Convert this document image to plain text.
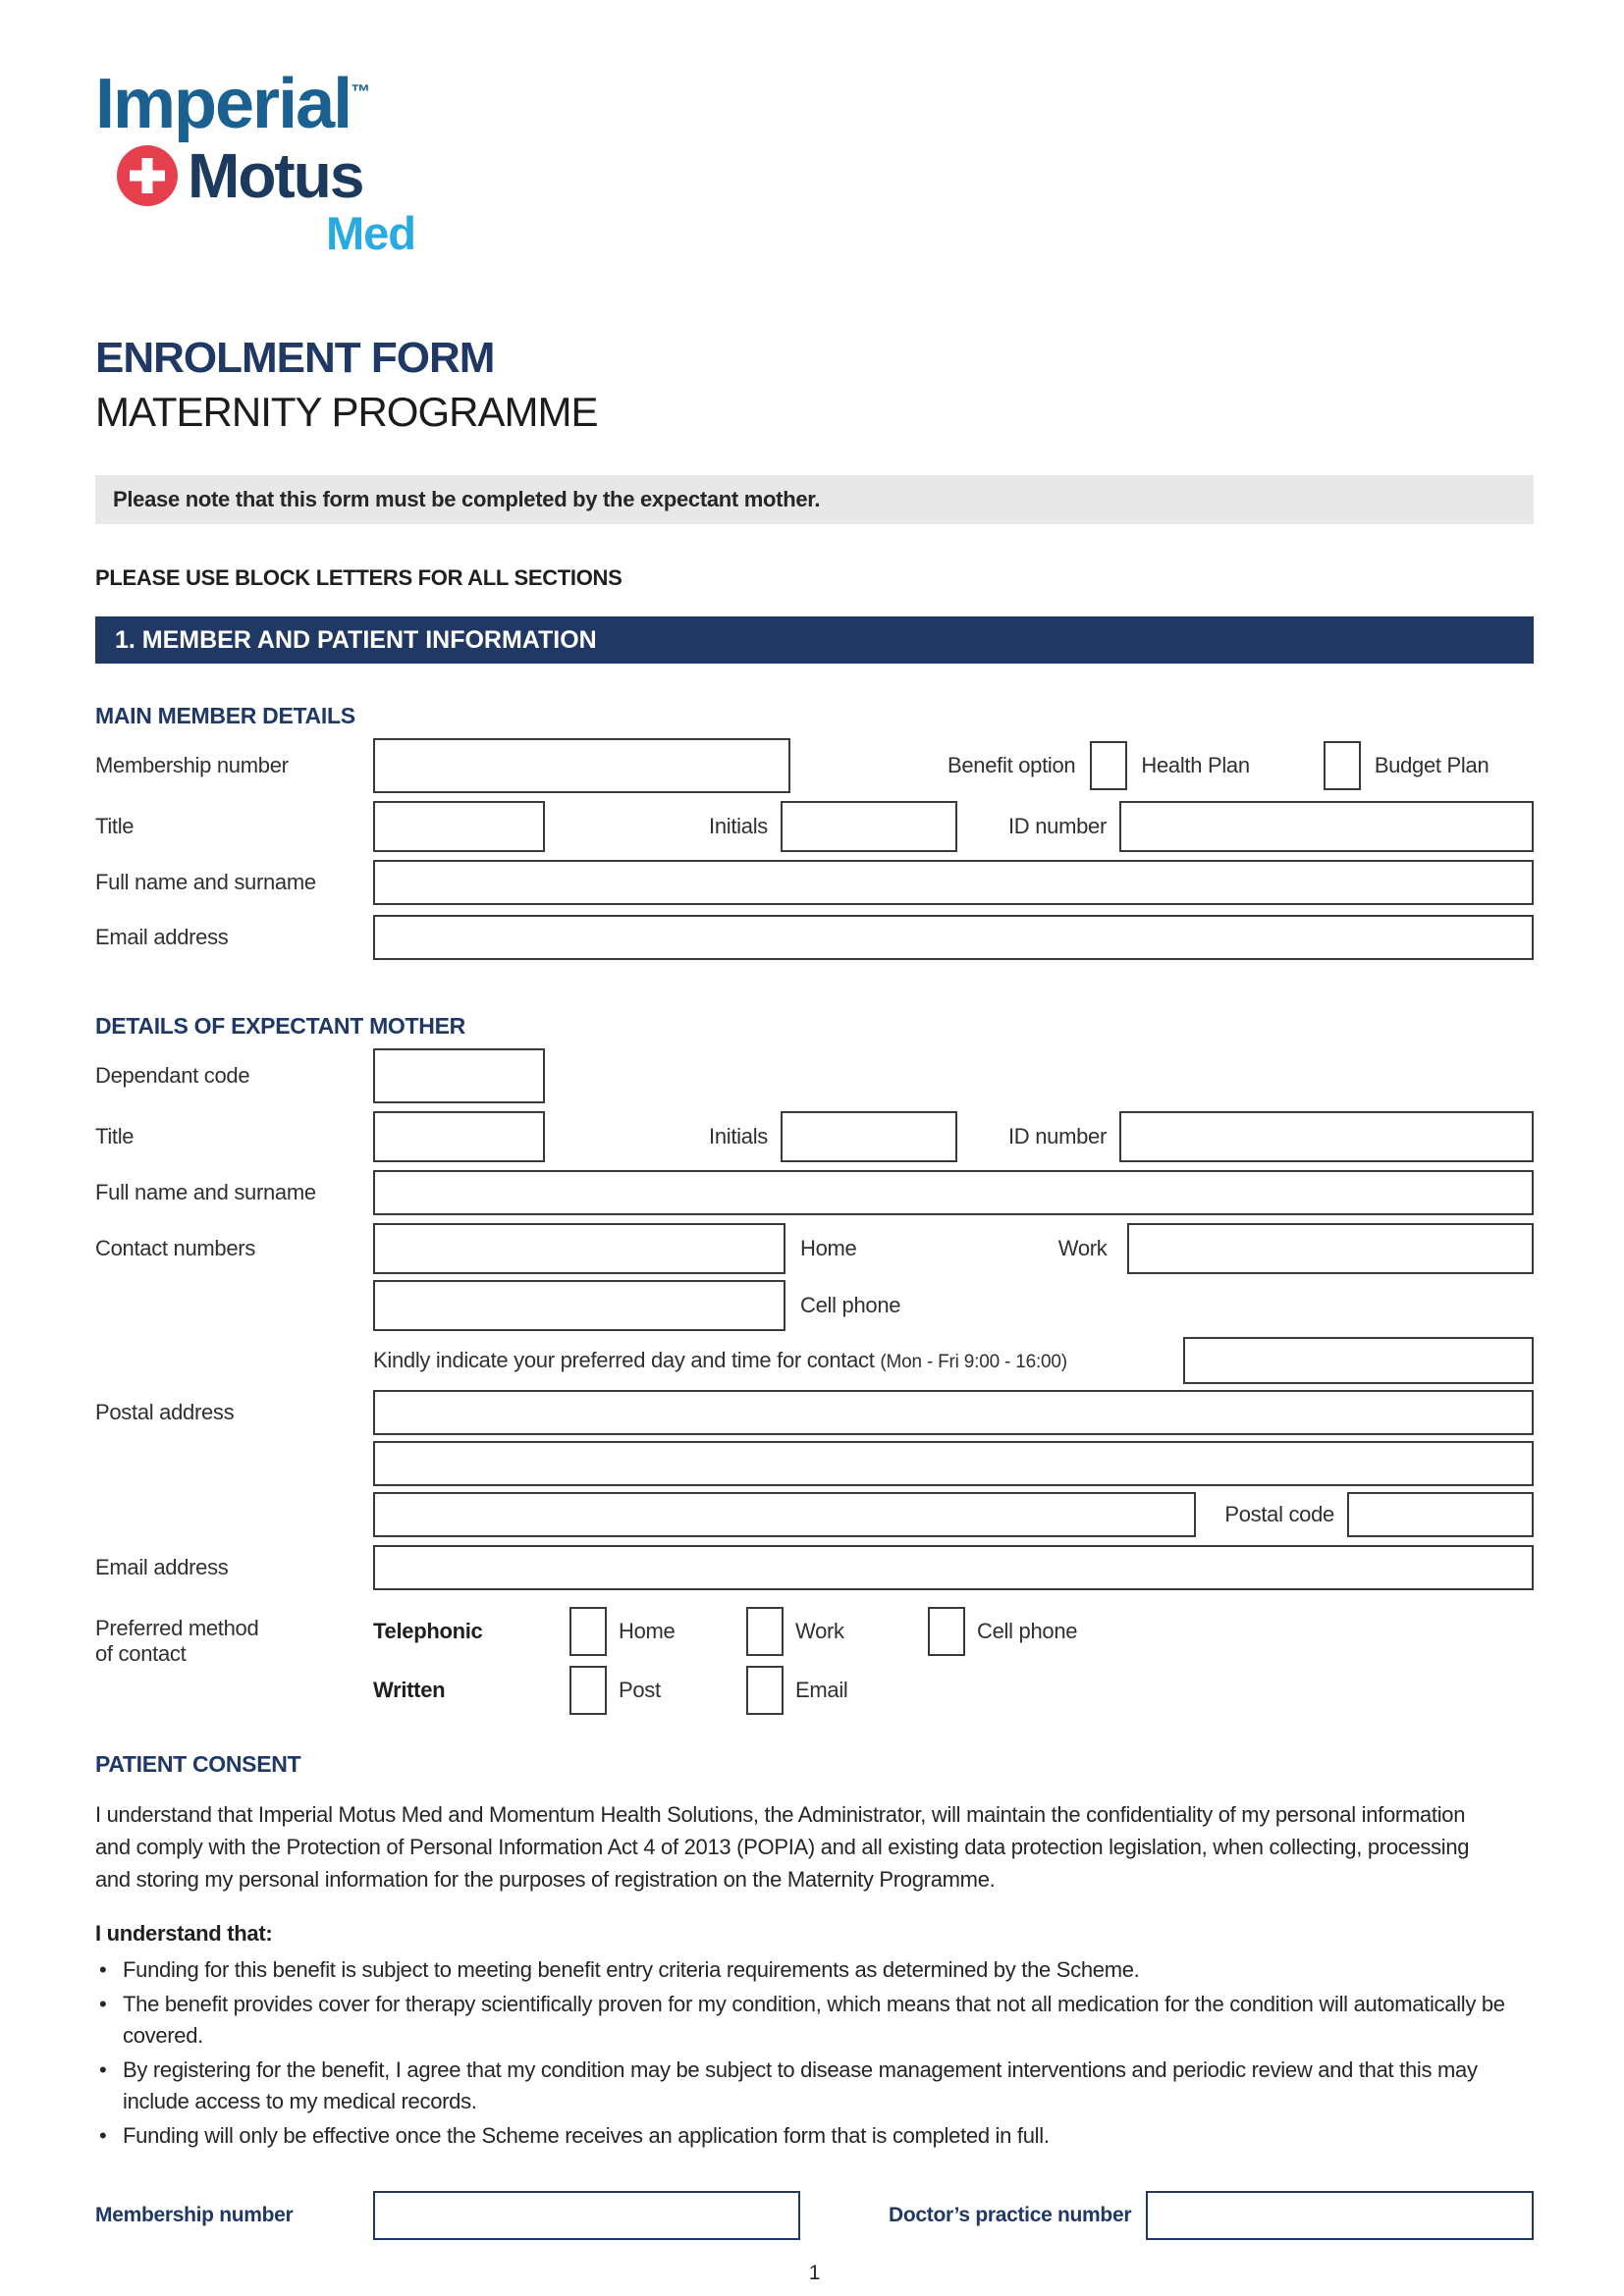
Imperial™
Motus
Med
ENROLMENT FORM
MATERNITY PROGRAMME
Please note that this form must be completed by the expectant mother.
PLEASE USE BLOCK LETTERS FOR ALL SECTIONS
1. MEMBER AND PATIENT INFORMATION
MAIN MEMBER DETAILS
Membership number	Benefit option	Health Plan	Budget Plan
Title	Initials	ID number
Full name and surname
Email address
DETAILS OF EXPECTANT MOTHER
Dependant code
Title	Initials	ID number
Full name and surname
Contact numbers	Home	Work
Cell phone
Kindly indicate your preferred day and time for contact (Mon - Fri 9:00 - 16:00)
Postal address
Postal code
Email address
Preferred method
of contact
Telephonic	Home	Work	Cell phone
Written	Post	Email
PATIENT CONSENT
I understand that Imperial Motus Med and Momentum Health Solutions, the Administrator, will maintain the confidentiality of my personal information and comply with the Protection of Personal Information Act 4 of 2013 (POPIA) and all existing data protection legislation, when collecting, processing and storing my personal information for the purposes of registration on the Maternity Programme.
I understand that:
• Funding for this benefit is subject to meeting benefit entry criteria requirements as determined by the Scheme.
• The benefit provides cover for therapy scientifically proven for my condition, which means that not all medication for the condition will automatically be covered.
• By registering for the benefit, I agree that my condition may be subject to disease management interventions and periodic review and that this may include access to my medical records.
• Funding will only be effective once the Scheme receives an application form that is completed in full.
Membership number	Doctor’s practice number
1
